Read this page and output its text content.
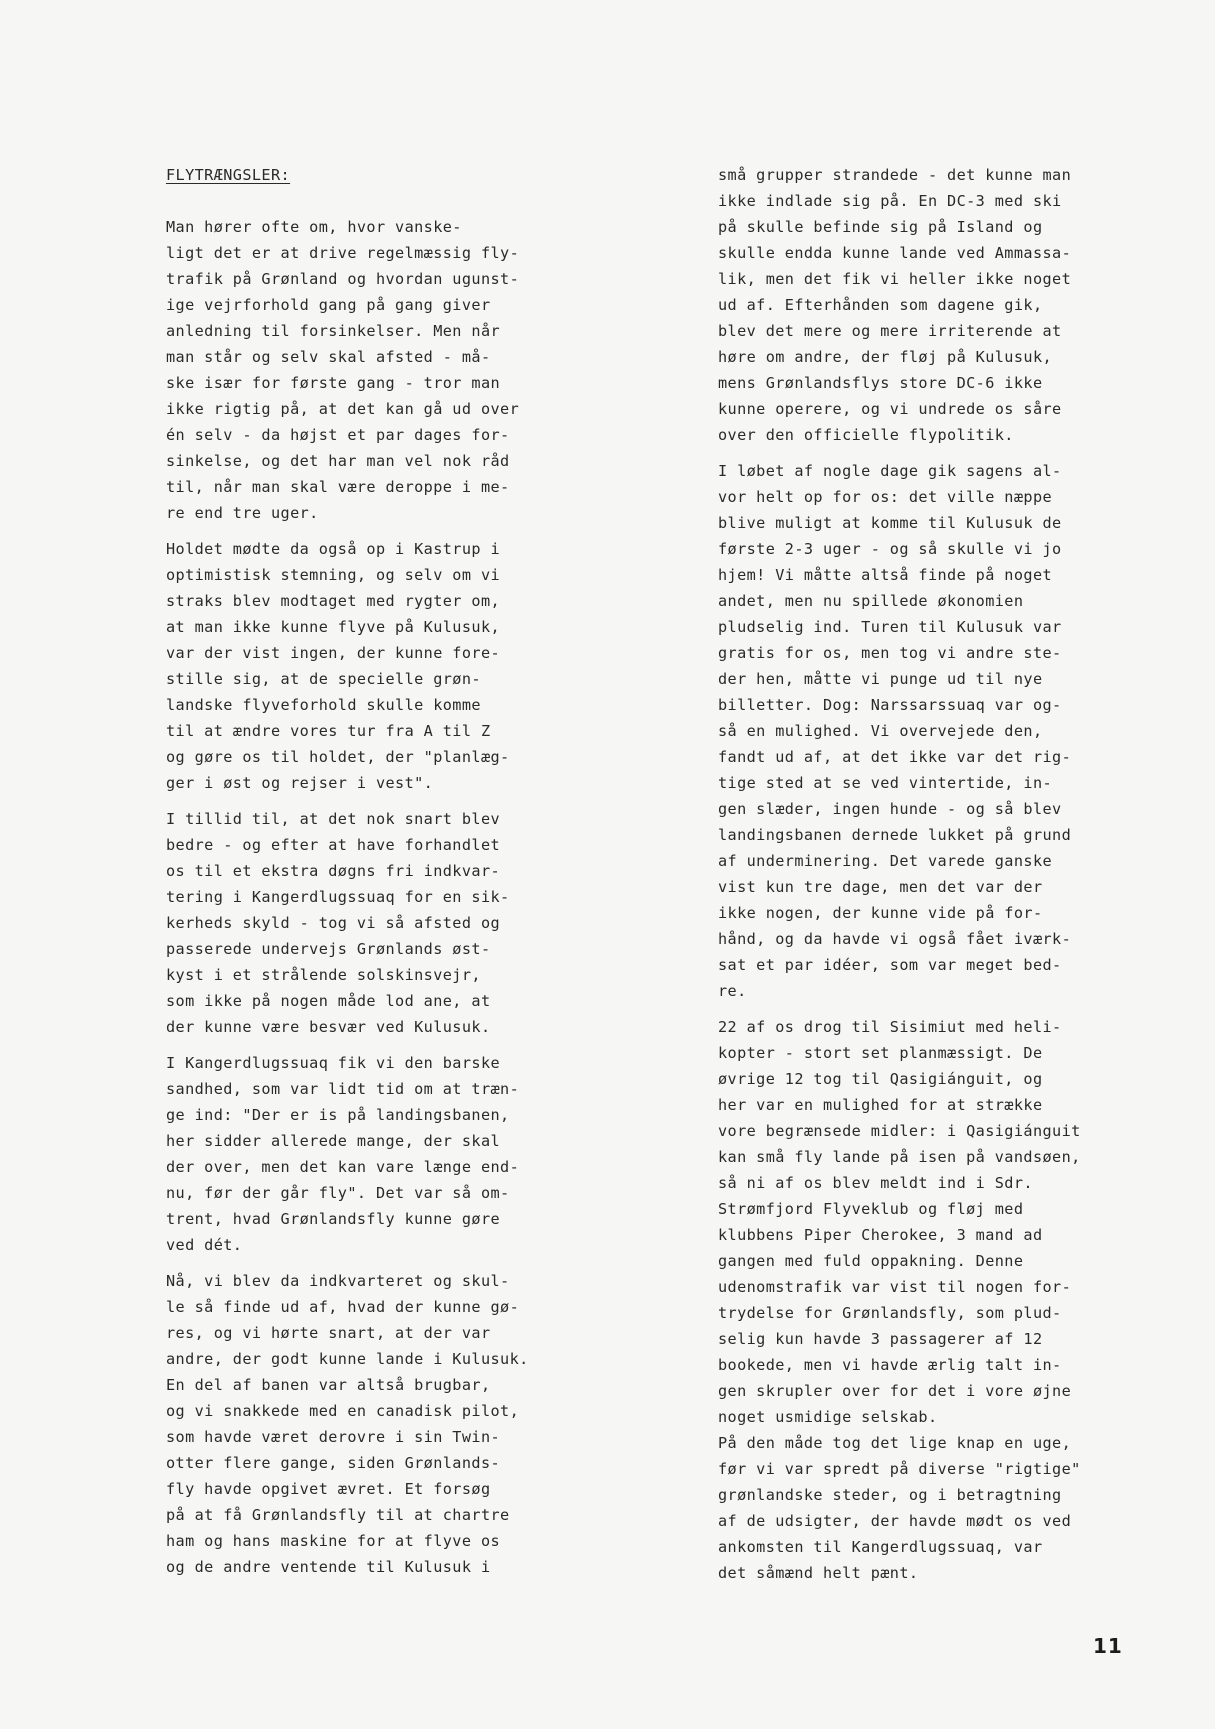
FLYTRÆNGSLER:
Man hører ofte om, hvor vanske-
ligt det er at drive regelmæssig fly-
trafik på Grønland og hvordan ugunst-
ige vejrforhold gang på gang giver
anledning til forsinkelser. Men når
man står og selv skal afsted - må-
ske især for første gang - tror man
ikke rigtig på, at det kan gå ud over
én selv - da højst et par dages for-
sinkelse, og det har man vel nok råd
til, når man skal være deroppe i me-
re end tre uger.
Holdet mødte da også op i Kastrup i
optimistisk stemning, og selv om vi
straks blev modtaget med rygter om,
at man ikke kunne flyve på Kulusuk,
var der vist ingen, der kunne fore-
stille sig, at de specielle grøn-
landske flyveforhold skulle komme
til at ændre vores tur fra A til Z
og gøre os til holdet, der "planlæg-
ger i øst og rejser i vest".
I tillid til, at det nok snart blev
bedre - og efter at have forhandlet
os til et ekstra døgns fri indkvar-
tering i Kangerdlugssuaq for en sik-
kerheds skyld - tog vi så afsted og
passerede undervejs Grønlands øst-
kyst i et strålende solskinsvejr,
som ikke på nogen måde lod ane, at
der kunne være besvær ved Kulusuk.
I Kangerdlugssuaq fik vi den barske
sandhed, som var lidt tid om at træn-
ge ind: "Der er is på landingsbanen,
her sidder allerede mange, der skal
der over, men det kan vare længe end-
nu, før der går fly". Det var så om-
trent, hvad Grønlandsfly kunne gøre
ved dét.
Nå, vi blev da indkvarteret og skul-
le så finde ud af, hvad der kunne gø-
res, og vi hørte snart, at der var
andre, der godt kunne lande i Kulusuk.
En del af banen var altså brugbar,
og vi snakkede med en canadisk pilot,
som havde været derovre i sin Twin-
otter flere gange, siden Grønlands-
fly havde opgivet ævret. Et forsøg
på at få Grønlandsfly til at chartre
ham og hans maskine for at flyve os
og de andre ventende til Kulusuk i
små grupper strandede - det kunne man
ikke indlade sig på. En DC-3 med ski
på skulle befinde sig på Island og
skulle endda kunne lande ved Ammassa-
lik, men det fik vi heller ikke noget
ud af. Efterhånden som dagene gik,
blev det mere og mere irriterende at
høre om andre, der fløj på Kulusuk,
mens Grønlandsflys store DC-6 ikke
kunne operere, og vi undrede os såre
over den officielle flypolitik.
I løbet af nogle dage gik sagens al-
vor helt op for os: det ville næppe
blive muligt at komme til Kulusuk de
første 2-3 uger - og så skulle vi jo
hjem! Vi måtte altså finde på noget
andet, men nu spillede økonomien
pludselig ind. Turen til Kulusuk var
gratis for os, men tog vi andre ste-
der hen, måtte vi punge ud til nye
billetter. Dog: Narssarssuaq var og-
så en mulighed. Vi overvejede den,
fandt ud af, at det ikke var det rig-
tige sted at se ved vintertide, in-
gen slæder, ingen hunde - og så blev
landingsbanen dernede lukket på grund
af underminering. Det varede ganske
vist kun tre dage, men det var der
ikke nogen, der kunne vide på for-
hånd, og da havde vi også fået iværk-
sat et par idéer, som var meget bed-
re.
22 af os drog til Sisimiut med heli-
kopter - stort set planmæssigt. De
øvrige 12 tog til Qasigiánguit, og
her var en mulighed for at strække
vore begrænsede midler: i Qasigiánguit
kan små fly lande på isen på vandsøen,
så ni af os blev meldt ind i Sdr.
Strømfjord Flyveklub og fløj med
klubbens Piper Cherokee, 3 mand ad
gangen med fuld oppakning. Denne
udenomstrafik var vist til nogen for-
trydelse for Grønlandsfly, som plud-
selig kun havde 3 passagerer af 12
bookede, men vi havde ærlig talt in-
gen skrupler over for det i vore øjne
noget usmidige selskab.
På den måde tog det lige knap en uge,
før vi var spredt på diverse "rigtige"
grønlandske steder, og i betragtning
af de udsigter, der havde mødt os ved
ankomsten til Kangerdlugssuaq, var
det såmænd helt pænt.
11
